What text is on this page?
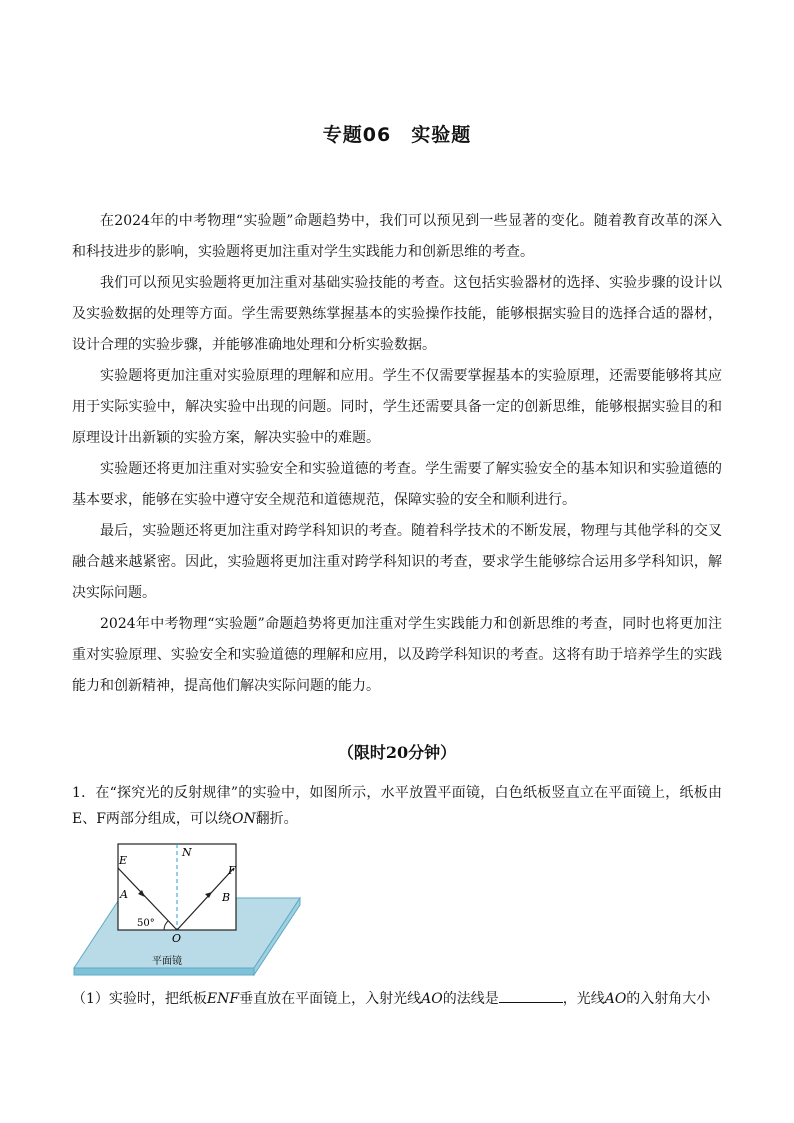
专题06　实验题

在2024年的中考物理“实验题”命题趋势中，我们可以预见到一些显著的变化。随着教育改革的深入和科技进步的影响，实验题将更加注重对学生实践能力和创新思维的考查。

我们可以预见实验题将更加注重对基础实验技能的考查。这包括实验器材的选择、实验步骤的设计以及实验数据的处理等方面。学生需要熟练掌握基本的实验操作技能，能够根据实验目的选择合适的器材，设计合理的实验步骤，并能够准确地处理和分析实验数据。

实验题将更加注重对实验原理的理解和应用。学生不仅需要掌握基本的实验原理，还需要能够将其应用于实际实验中，解决实验中出现的问题。同时，学生还需要具备一定的创新思维，能够根据实验目的和原理设计出新颖的实验方案，解决实验中的难题。

实验题还将更加注重对实验安全和实验道德的考查。学生需要了解实验安全的基本知识和实验道德的基本要求，能够在实验中遵守安全规范和道德规范，保障实验的安全和顺利进行。

最后，实验题还将更加注重对跨学科知识的考查。随着科学技术的不断发展，物理与其他学科的交叉融合越来越紧密。因此，实验题将更加注重对跨学科知识的考查，要求学生能够综合运用多学科知识，解决实际问题。

2024年中考物理“实验题”命题趋势将更加注重对学生实践能力和创新思维的考查，同时也将更加注重对实验原理、实验安全和实验道德的理解和应用，以及跨学科知识的考查。这将有助于培养学生的实践能力和创新精神，提高他们解决实际问题的能力。

（限时20分钟）
1．在“探究光的反射规律”的实验中，如图所示，水平放置平面镜，白色纸板竖直立在平面镜上，纸板由E、F两部分组成，可以绕ON翻折。
E
N
F
A	B
O
50°
平面镜
（1）实验时，把纸板ENF垂直放在平面镜上，入射光线AO的法线是	，光线AO的入射角大小
